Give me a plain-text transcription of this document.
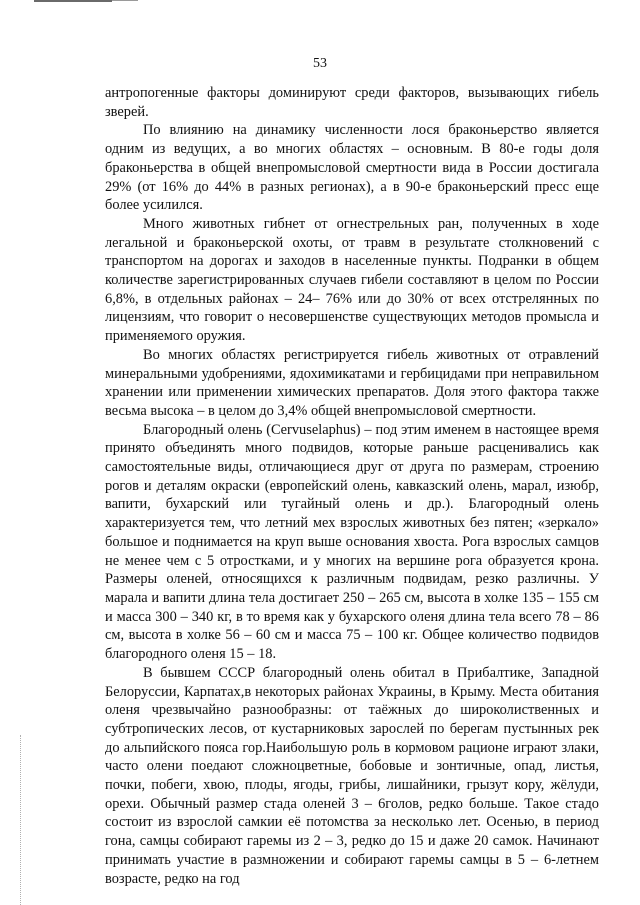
53

антропогенные факторы доминируют среди факторов, вызывающих гибель зверей.

По влиянию на динамику численности лося браконьерство является одним из ведущих, а во многих областях – основным. В 80-е годы доля браконьерства в общей внепромысловой смертности вида в России достигала 29% (от 16% до 44% в разных регионах), а в 90-е браконьерский пресс еще более усилился.

Много животных гибнет от огнестрельных ран, полученных в ходе легальной и браконьерской охоты, от травм в результате столкновений с транспортом на дорогах и заходов в населенные пункты. Подранки в общем количестве зарегистрированных случаев гибели составляют в целом по России 6,8%, в отдельных районах – 24– 76% или до 30% от всех отстрелянных по лицензиям, что говорит о несовершенстве существующих методов промысла и применяемого оружия.

Во многих областях регистрируется гибель животных от отравлений минеральными удобрениями, ядохимикатами и гербицидами при неправильном хранении или применении химических препаратов. Доля этого фактора также весьма высока – в целом до 3,4% общей внепромысловой смертности.

Благородный олень (Cervuselaphus) – под этим именем в настоящее время принято объединять много подвидов, которые раньше расценивались как самостоятельные виды, отличающиеся друг от друга по размерам, строению рогов и деталям окраски (европейский олень, кавказский олень, марал, изюбр, вапити, бухарский или тугайный олень и др.). Благородный олень характеризуется тем, что летний мех взрослых животных без пятен; «зеркало» большое и поднимается на круп выше основания хвоста. Рога взрослых самцов не менее чем с 5 отростками, и у многих на вершине рога образуется крона. Размеры оленей, относящихся к различным подвидам, резко различны. У марала и вапити длина тела достигает 250 – 265 см, высота в холке 135 – 155 см и масса 300 – 340 кг, в то время как у бухарского оленя длина тела всего 78 – 86 см, высота в холке 56 – 60 см и масса 75 – 100 кг. Общее количество подвидов благородного оленя 15 – 18.

В бывшем СССР благородный олень обитал в Прибалтике, Западной Белоруссии, Карпатах,в некоторых районах Украины, в Крыму. Места обитания оленя чрезвычайно разнообразны: от таёжных до широколиственных и субтропических лесов, от кустарниковых зарослей по берегам пустынных рек до альпийского пояса гор.Наибольшую роль в кормовом рационе играют злаки, часто олени поедают сложноцветные, бобовые и зонтичные, опад, листья, почки, побеги, хвою, плоды, ягоды, грибы, лишайники, грызут кору, жёлуди, орехи. Обычный размер стада оленей 3 – 6голов, редко больше. Такое стадо состоит из взрослой самкии её потомства за несколько лет. Осенью, в период гона, самцы собирают гаремы из 2 – 3, редко до 15 и даже 20 самок. Начинают принимать участие в размножении и собирают гаремы самцы в 5 – 6-летнем возрасте, редко на год
